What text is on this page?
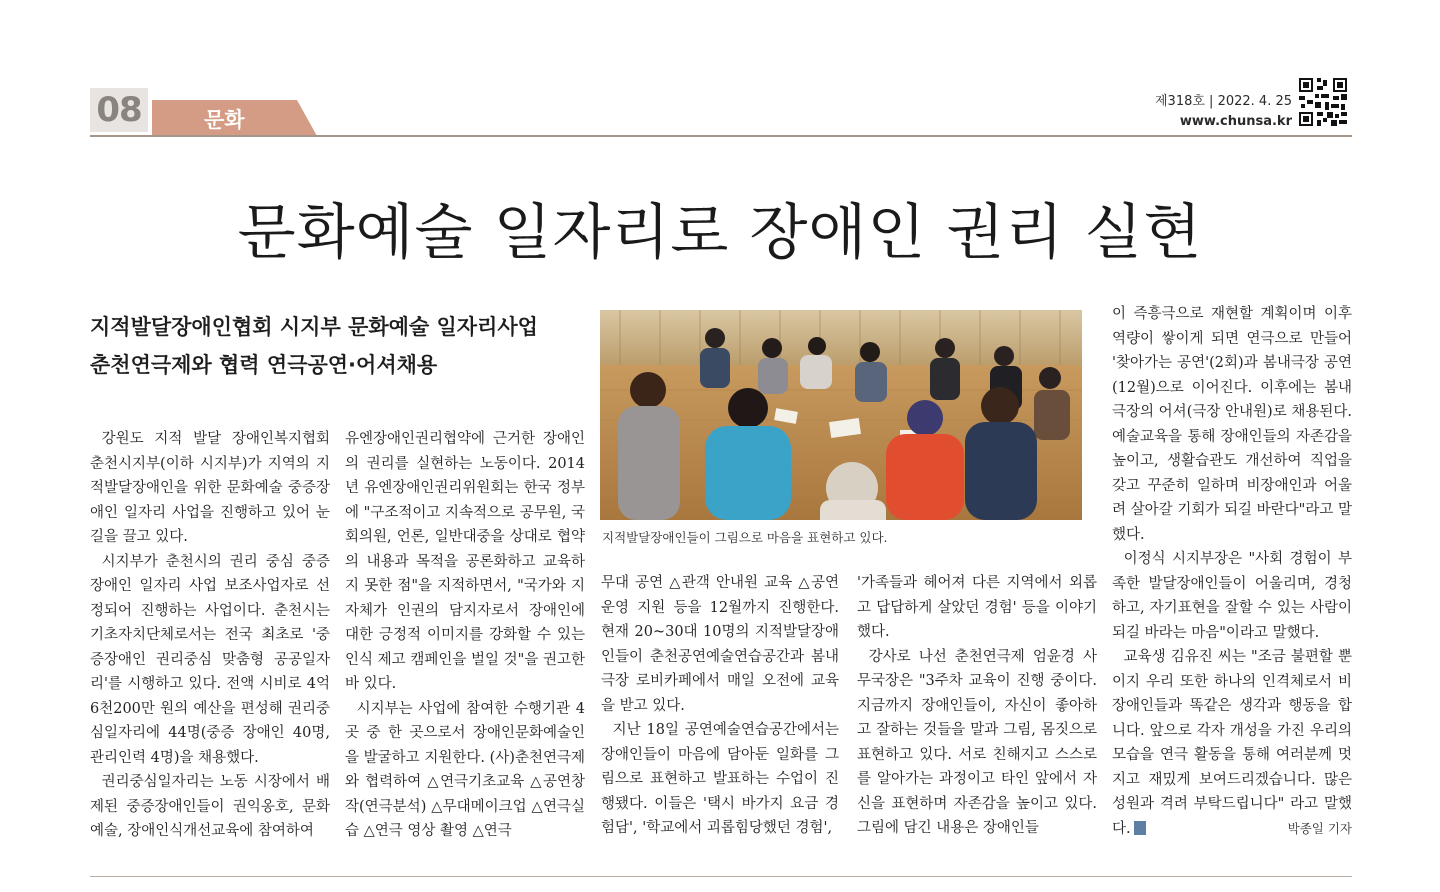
08	문화
제318호 | 2022. 4. 25
www.chunsa.kr
문화예술 일자리로 장애인 권리 실현
지적발달장애인협회 시지부 문화예술 일자리사업
춘천연극제와 협력 연극공연·어셔채용
지적발달장애인들이 그림으로 마음을 표현하고 있다.

강원도 지적 발달 장애인복지협회 춘천시지부(이하 시지부)가 지역의 지적발달장애인을 위한 문화예술 중증장애인 일자리 사업을 진행하고 있어 눈길을 끌고 있다.

시지부가 춘천시의 권리 중심 중증장애인 일자리 사업 보조사업자로 선정되어 진행하는 사업이다. 춘천시는 기초자치단체로서는 전국 최초로 '중증장애인 권리중심 맞춤형 공공일자리'를 시행하고 있다. 전액 시비로 4억 6천200만 원의 예산을 편성해 권리중심일자리에 44명(중증 장애인 40명, 관리인력 4명)을 채용했다.

권리중심일자리는 노동 시장에서 배제된 중증장애인들이 권익옹호, 문화예술, 장애인식개선교육에 참여하여

유엔장애인권리협약에 근거한 장애인의 권리를 실현하는 노동이다. 2014년 유엔장애인권리위원회는 한국 정부에 "구조적이고 지속적으로 공무원, 국회의원, 언론, 일반대중을 상대로 협약의 내용과 목적을 공론화하고 교육하지 못한 점"을 지적하면서, "국가와 지자체가 인권의 담지자로서 장애인에 대한 긍정적 이미지를 강화할 수 있는 인식 제고 캠페인을 벌일 것"을 권고한 바 있다.

시지부는 사업에 참여한 수행기관 4곳 중 한 곳으로서 장애인문화예술인을 발굴하고 지원한다. (사)춘천연극제와 협력하여 △연극기초교육 △공연창작(연극분석) △무대메이크업 △연극실습 △연극 영상 촬영 △연극

무대 공연 △관객 안내원 교육 △공연 운영 지원 등을 12월까지 진행한다. 현재 20~30대 10명의 지적발달장애인들이 춘천공연예술연습공간과 봄내극장 로비카페에서 매일 오전에 교육을 받고 있다.

지난 18일 공연예술연습공간에서는 장애인들이 마음에 담아둔 일화를 그림으로 표현하고 발표하는 수업이 진행됐다. 이들은 '택시 바가지 요금 경험담', '학교에서 괴롭힘당했던 경험',

'가족들과 헤어져 다른 지역에서 외롭고 답답하게 살았던 경험' 등을 이야기했다.

강사로 나선 춘천연극제 엄윤경 사무국장은 "3주차 교육이 진행 중이다. 지금까지 장애인들이, 자신이 좋아하고 잘하는 것들을 말과 그림, 몸짓으로 표현하고 있다. 서로 친해지고 스스로를 알아가는 과정이고 타인 앞에서 자신을 표현하며 자존감을 높이고 있다. 그림에 담긴 내용은 장애인들

이 즉흥극으로 재현할 계획이며 이후 역량이 쌓이게 되면 연극으로 만들어 '찾아가는 공연'(2회)과 봄내극장 공연(12월)으로 이어진다. 이후에는 봄내극장의 어셔(극장 안내원)로 채용된다. 예술교육을 통해 장애인들의 자존감을 높이고, 생활습관도 개선하여 직업을 갖고 꾸준히 일하며 비장애인과 어울려 살아갈 기회가 되길 바란다"라고 말했다.

이정식 시지부장은 "사회 경험이 부족한 발달장애인들이 어울리며, 경청하고, 자기표현을 잘할 수 있는 사람이 되길 바라는 마음"이라고 말했다.

교육생 김유진 씨는 "조금 불편할 뿐이지 우리 또한 하나의 인격체로서 비장애인들과 똑같은 생각과 행동을 합니다. 앞으로 각자 개성을 가진 우리의 모습을 연극 활동을 통해 여러분께 멋지고 재밌게 보여드리겠습니다. 많은 성원과 격려 부탁드립니다" 라고 말했다.	박종일 기자
